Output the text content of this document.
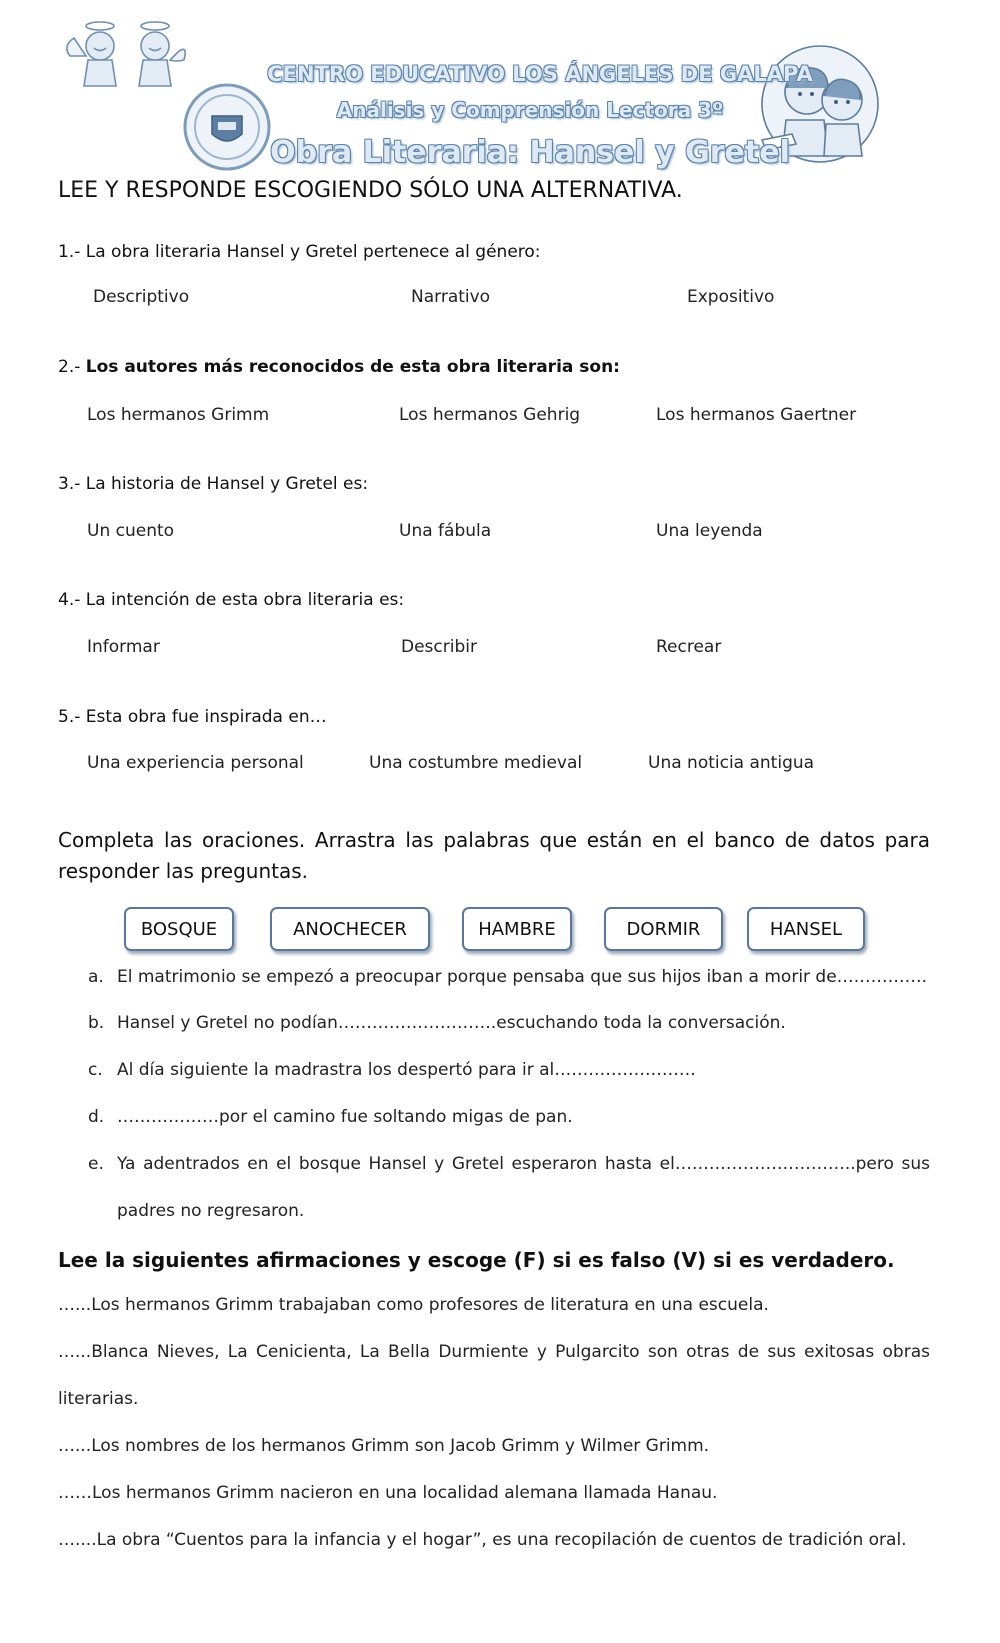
CENTRO EDUCATIVO LOS ÁNGELES DE GALAPA
Análisis y Comprensión Lectora 3º
Obra Literaria: Hansel y Gretel
LEE Y RESPONDE ESCOGIENDO SÓLO UNA ALTERNATIVA.
1.- La obra literaria Hansel y Gretel pertenece al género:
Descriptivo	Narrativo	Expositivo
2.- Los autores más reconocidos de esta obra literaria son:
Los hermanos Grimm	Los hermanos Gehrig	Los hermanos Gaertner
3.- La historia de Hansel y Gretel es:
Un cuento	Una fábula	Una leyenda
4.- La intención de esta obra literaria es:
Informar	Describir	Recrear
5.- Esta obra fue inspirada en…
Una experiencia personal	Una costumbre medieval	Una noticia antigua
Completa las oraciones. Arrastra las palabras que están en el banco de datos para
responder las preguntas.
BOSQUE	ANOCHECER	HAMBRE	DORMIR	HANSEL
a. El matrimonio se empezó a preocupar porque pensaba que sus hijos iban a morir de…………….
b. Hansel y Gretel no podían……………………….escuchando toda la conversación.
c. Al día siguiente la madrastra los despertó para ir al…………………….
d. ………………por el camino fue soltando migas de pan.
e. Ya adentrados en el bosque Hansel y Gretel esperaron hasta el…………………………..pero sus
padres no regresaron.
Lee la siguientes afirmaciones y escoge (F) si es falso (V) si es verdadero.
…...Los hermanos Grimm trabajaban como profesores de literatura en una escuela.
…...Blanca Nieves, La Cenicienta, La Bella Durmiente y Pulgarcito son otras de sus exitosas obras
literarias.
…...Los nombres de los hermanos Grimm son Jacob Grimm y Wilmer Grimm.
……Los hermanos Grimm nacieron en una localidad alemana llamada Hanau.
…....La obra “Cuentos para la infancia y el hogar”, es una recopilación de cuentos de tradición oral.
